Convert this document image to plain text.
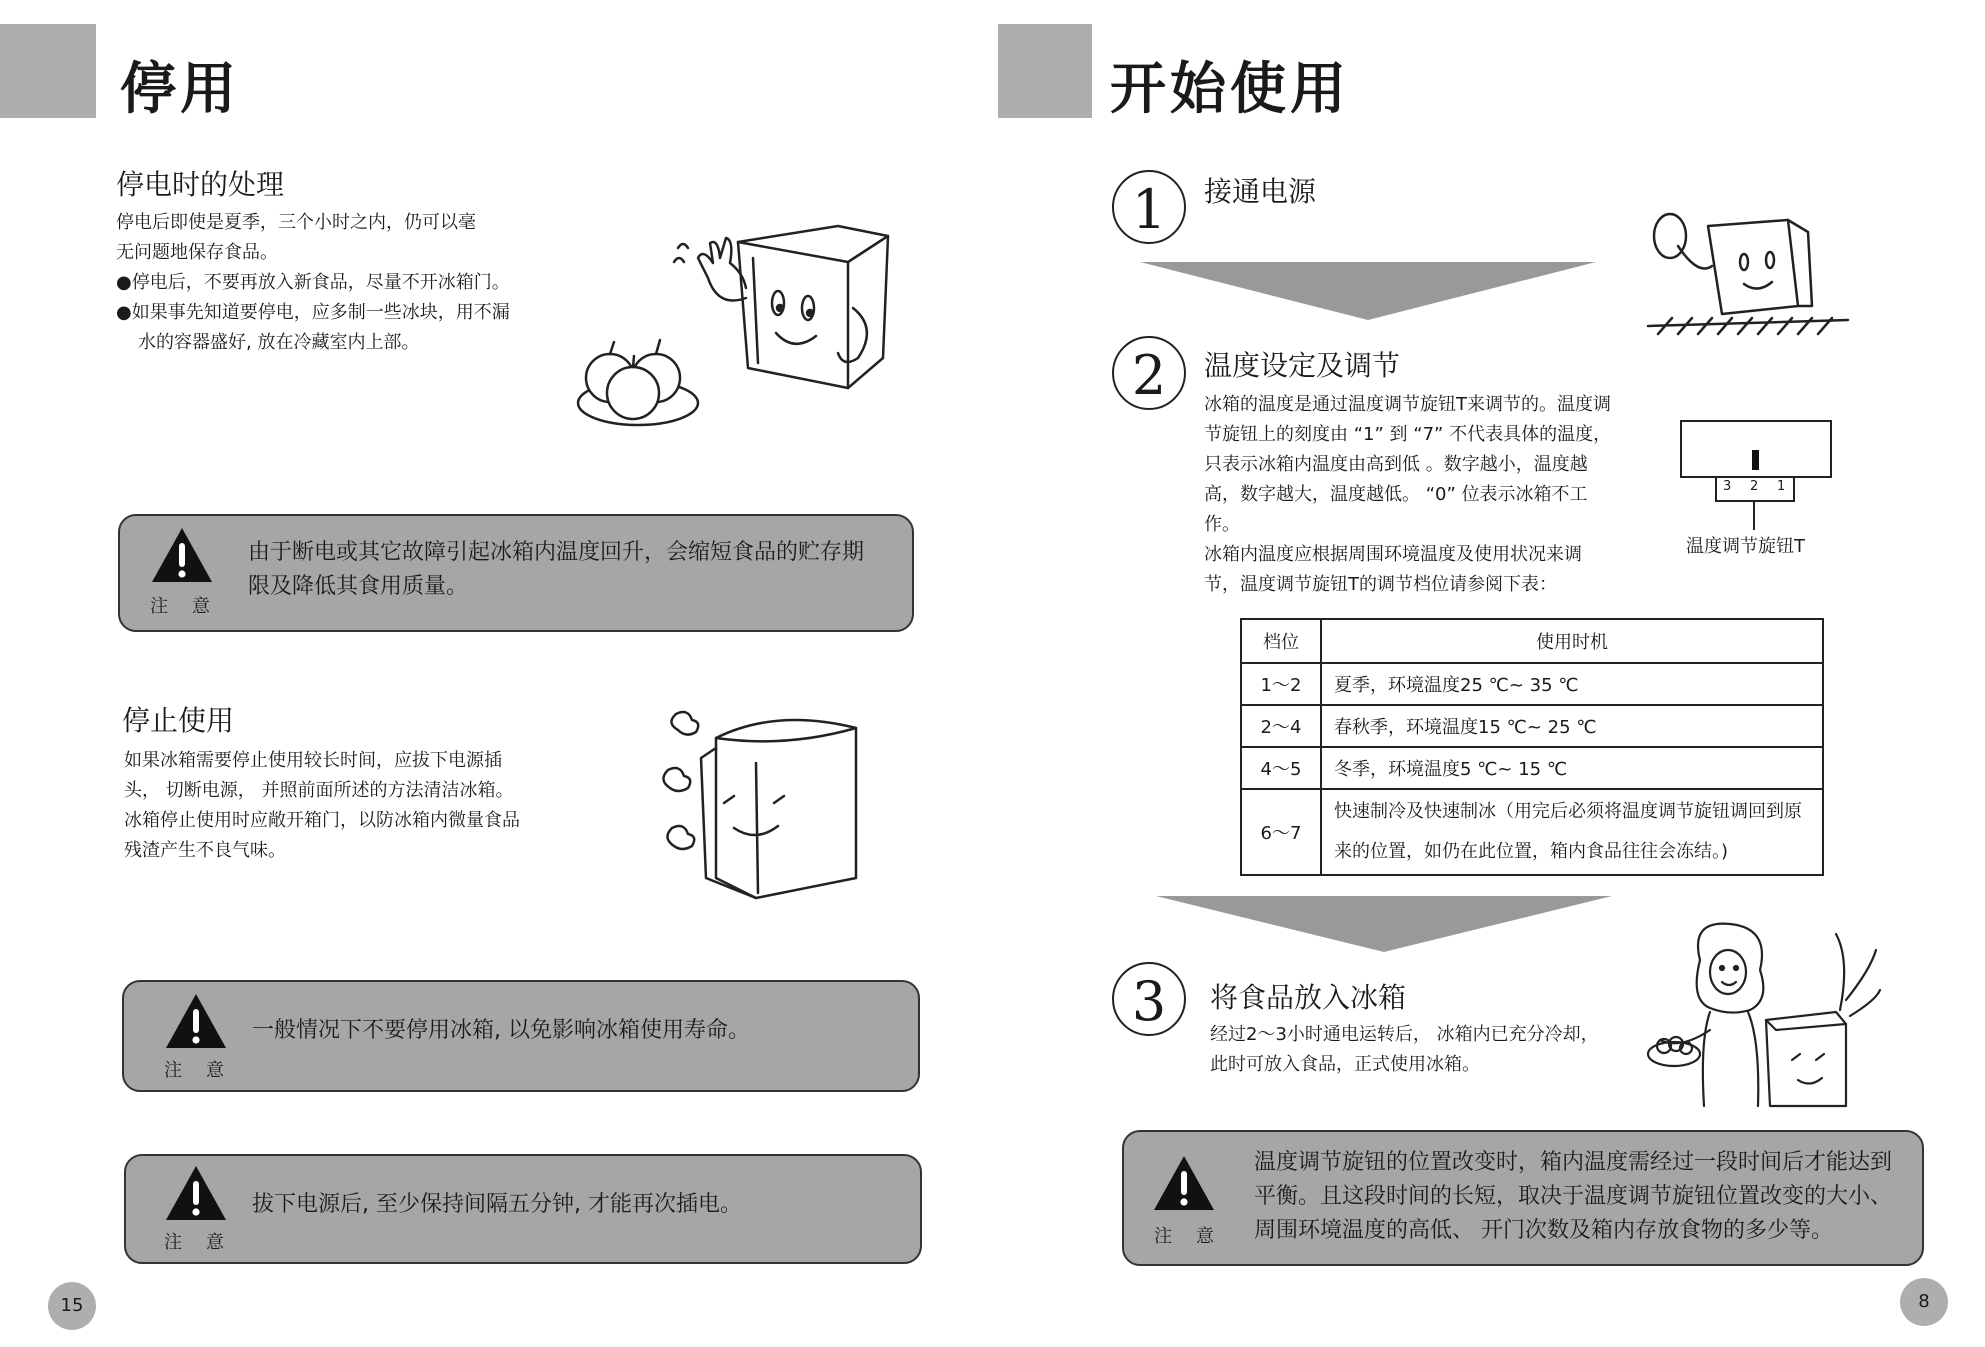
停用
停电时的处理

停电后即使是夏季，三个小时之内，仍可以毫

无问题地保存食品。

●停电后，不要再放入新食品，尽量不开冰箱门。

●如果事先知道要停电，应多制一些冰块，用不漏水的容器盛好, 放在冷藏室内上部。

注意
由于断电或其它故障引起冰箱内温度回升，会缩短食品的贮存期限及降低其食用质量。
停止使用

如果冰箱需要停止使用较长时间，应拔下电源插头， 切断电源， 并照前面所述的方法清洁冰箱。

冰箱停止使用时应敞开箱门，以防冰箱内微量食品残渣产生不良气味。

注意
一般情况下不要停用冰箱, 以免影响冰箱使用寿命。
注意
拔下电源后, 至少保持间隔五分钟, 才能再次插电。
15
开始使用
1	接通电源
2	温度设定及调节

冰箱的温度是通过温度调节旋钮T来调节的。温度调节旋钮上的刻度由 “1” 到 “7” 不代表具体的温度，只表示冰箱内温度由高到低 。数字越小，温度越高，数字越大，温度越低。 “0” 位表示冰箱不工作。

冰箱内温度应根据周围环境温度及使用状况来调节，温度调节旋钮T的调节档位请参阅下表：

3 2 1
温度调节旋钮T
档位	使用时机
1～2	夏季，环境温度25 ℃~ 35 ℃
2～4	春秋季，环境温度15 ℃~ 25 ℃
4～5	冬季，环境温度5 ℃~ 15 ℃
6～7	快速制冷及快速制冰（用完后必须将温度调节旋钮调回到原来的位置，如仍在此位置，箱内食品往往会冻结。)
3	将食品放入冰箱
经过2～3小时通电运转后， 冰箱内已充分冷却，此时可放入食品，正式使用冰箱。
注意
温度调节旋钮的位置改变时，箱内温度需经过一段时间后才能达到平衡。且这段时间的长短，取决于温度调节旋钮位置改变的大小、周围环境温度的高低、 开门次数及箱内存放食物的多少等。
8
